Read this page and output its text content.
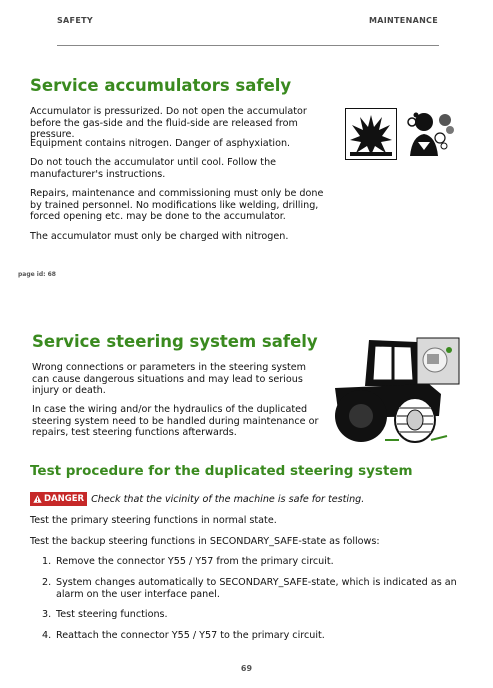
SAFETY	MAINTENANCE
Service accumulators safely

Accumulator is pressurized. Do not open the accumulator before the gas-side and the fluid-side are released from pressure.

Equipment contains nitrogen. Danger of asphyxiation.

Do not touch the accumulator until cool. Follow the manufacturer's instructions.

Repairs, maintenance and commissioning must only be done by trained personnel. No modifications like welding, drilling, forced opening etc. may be done to the accumulator.

The accumulator must only be charged with nitrogen.

page id: 68
Service steering system safely

Wrong connections or parameters in the steering system can cause dangerous situations and may lead to serious injury or death.

In case the wiring and/or the hydraulics of the duplicated steering system need to be handled during maintenance or repairs, test steering functions afterwards.

Test procedure for the duplicated steering system
DANGER Check that the vicinity of the machine is safe for testing.

Test the primary steering functions in normal state.

Test the backup steering functions in SECONDARY_SAFE-state as follows:

1. Remove the connector Y55 / Y57 from the primary circuit.
2. System changes automatically to SECONDARY_SAFE-state, which is indicated as an alarm on the user interface panel.
3. Test steering functions.
4. Reattach the connector Y55 / Y57 to the primary circuit.
69
